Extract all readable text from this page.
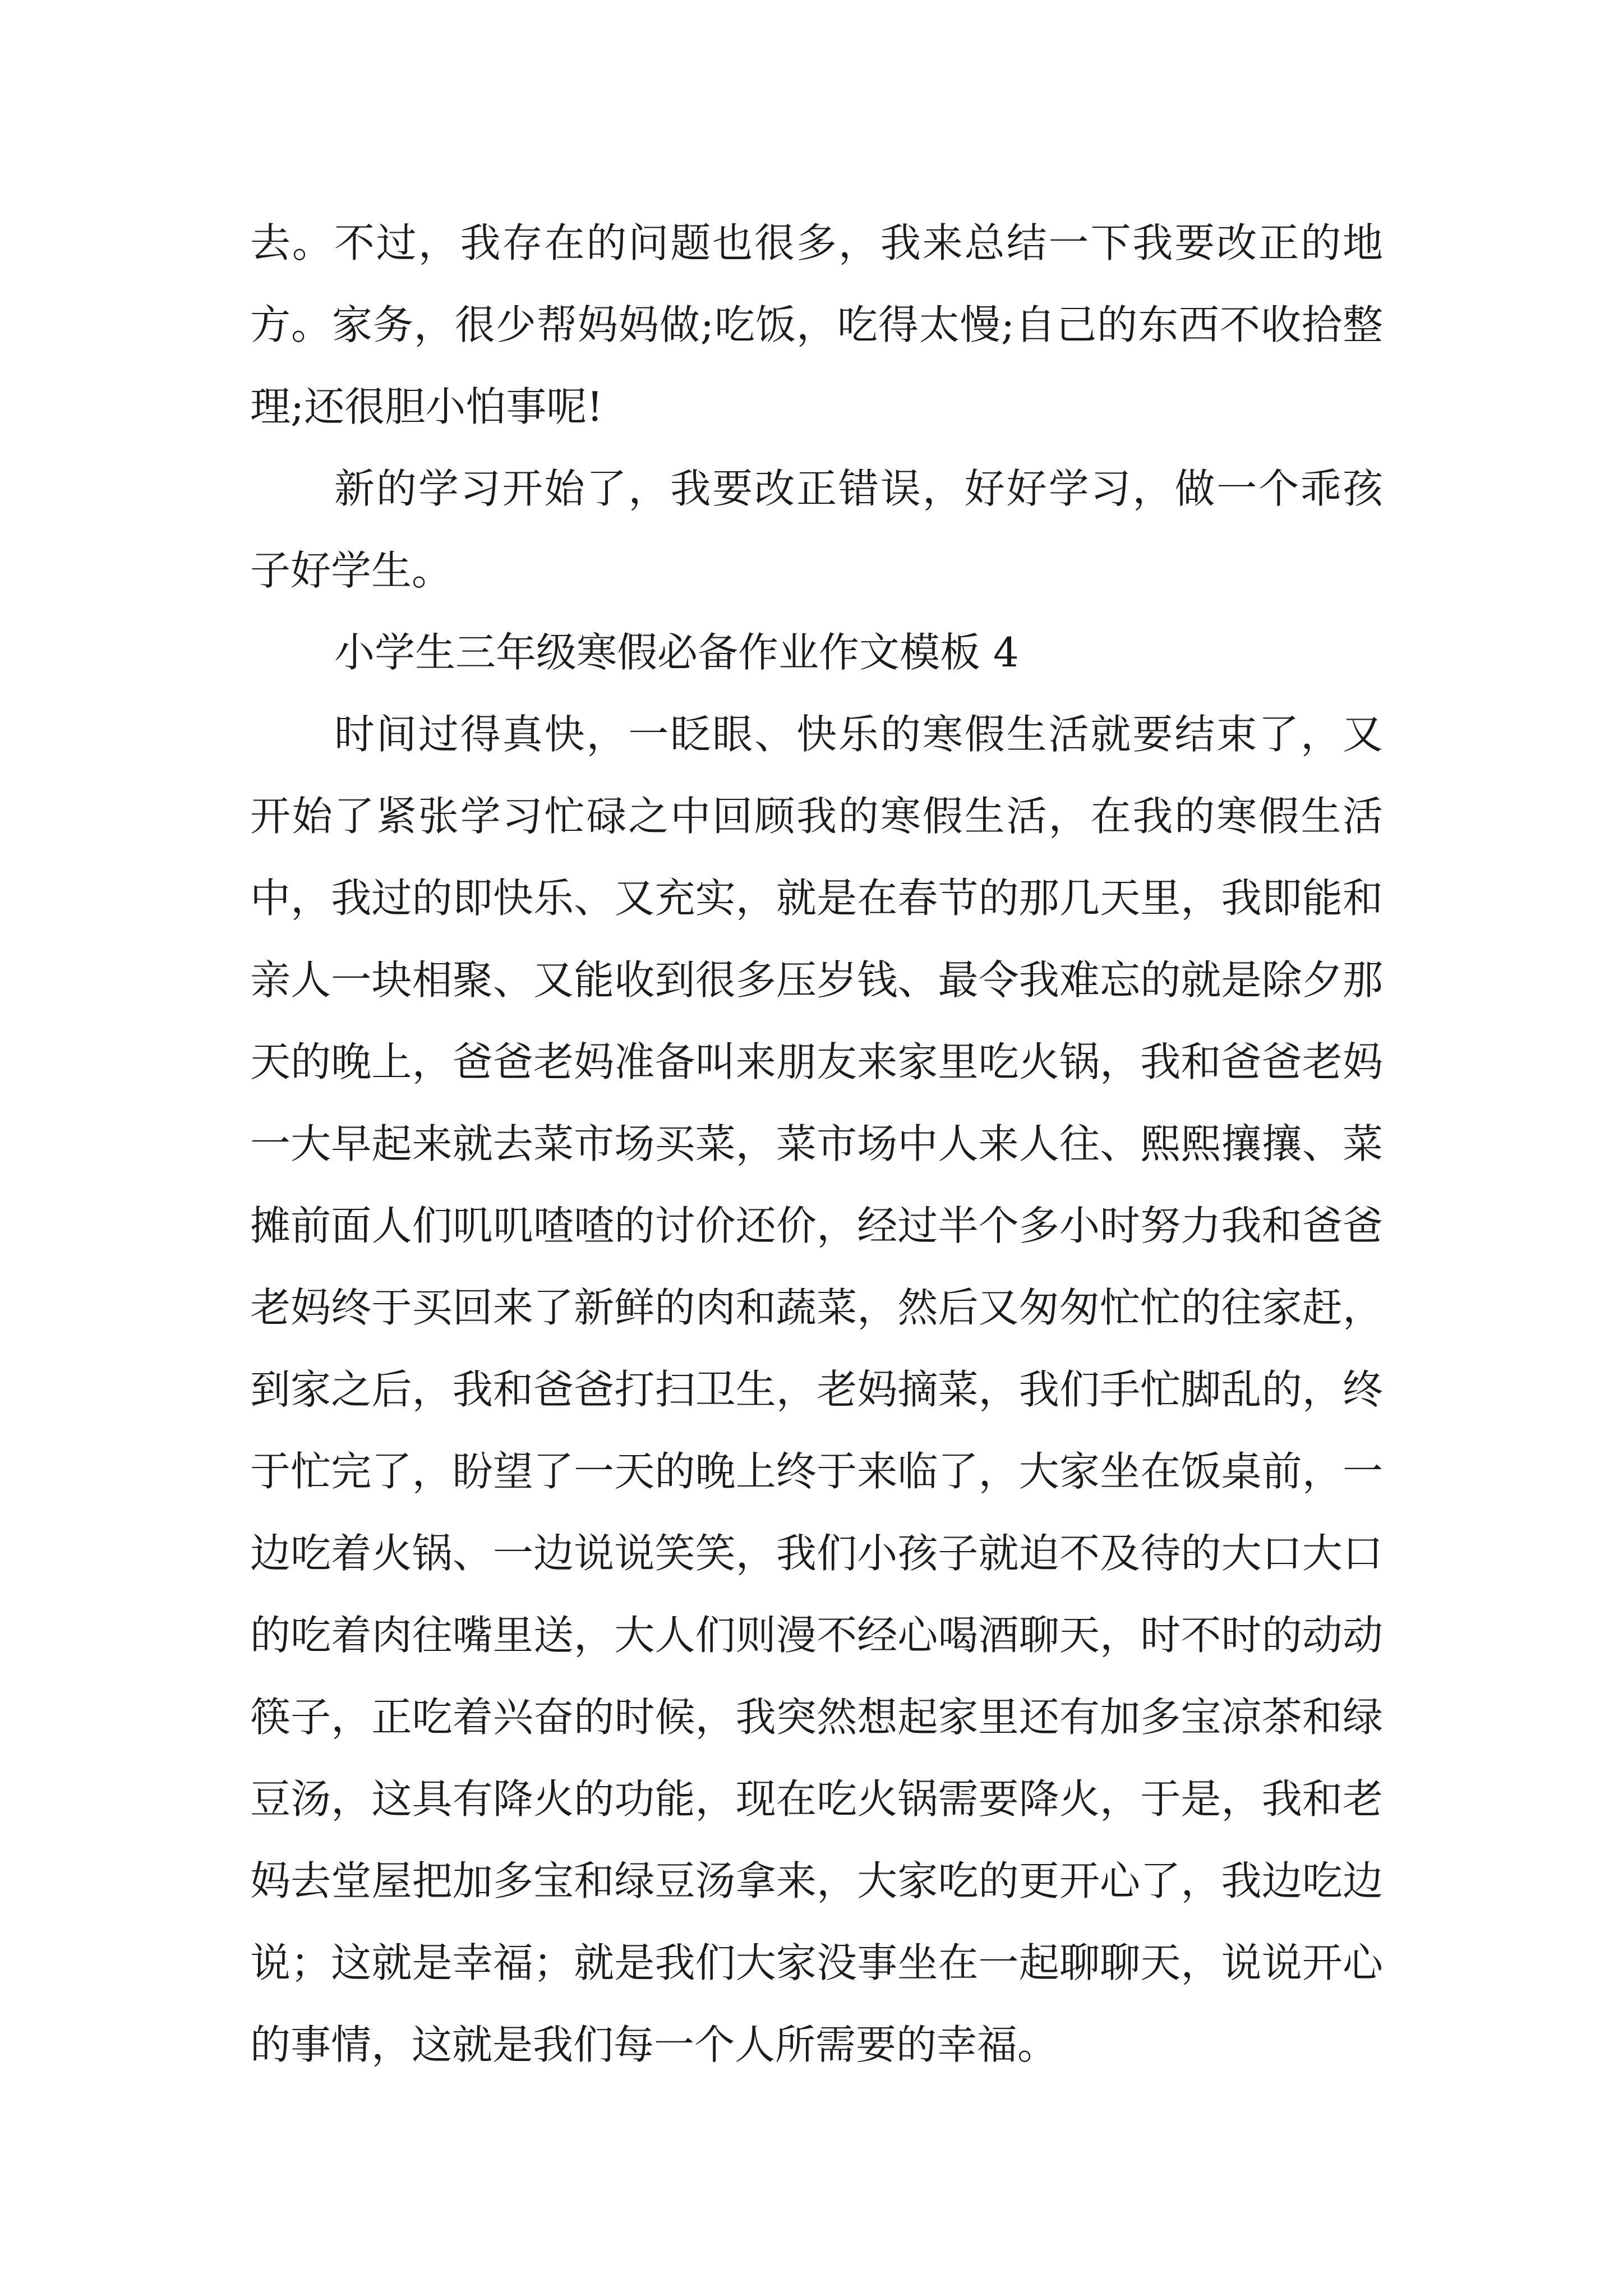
去。不过，我存在的问题也很多，我来总结一下我要改正的地方。家务，很少帮妈妈做;吃饭，吃得太慢;自己的东西不收拾整理;还很胆小怕事呢!

新的学习开始了，我要改正错误，好好学习，做一个乖孩子好学生。

小学生三年级寒假必备作业作文模板 4

时间过得真快，一眨眼、快乐的寒假生活就要结束了，又开始了紧张学习忙碌之中回顾我的寒假生活，在我的寒假生活中，我过的即快乐、又充实，就是在春节的那几天里，我即能和亲人一块相聚、又能收到很多压岁钱、最令我难忘的就是除夕那天的晚上，爸爸老妈准备叫来朋友来家里吃火锅，我和爸爸老妈一大早起来就去菜市场买菜，菜市场中人来人往、熙熙攘攘、菜摊前面人们叽叽喳喳的讨价还价，经过半个多小时努力我和爸爸老妈终于买回来了新鲜的肉和蔬菜，然后又匆匆忙忙的往家赶，到家之后，我和爸爸打扫卫生，老妈摘菜，我们手忙脚乱的，终于忙完了，盼望了一天的晚上终于来临了，大家坐在饭桌前，一边吃着火锅、一边说说笑笑，我们小孩子就迫不及待的大口大口的吃着肉往嘴里送，大人们则漫不经心喝酒聊天，时不时的动动筷子，正吃着兴奋的时候，我突然想起家里还有加多宝凉茶和绿豆汤，这具有降火的功能，现在吃火锅需要降火，于是，我和老妈去堂屋把加多宝和绿豆汤拿来，大家吃的更开心了，我边吃边说；这就是幸福；就是我们大家没事坐在一起聊聊天，说说开心的事情，这就是我们每一个人所需要的幸福。
